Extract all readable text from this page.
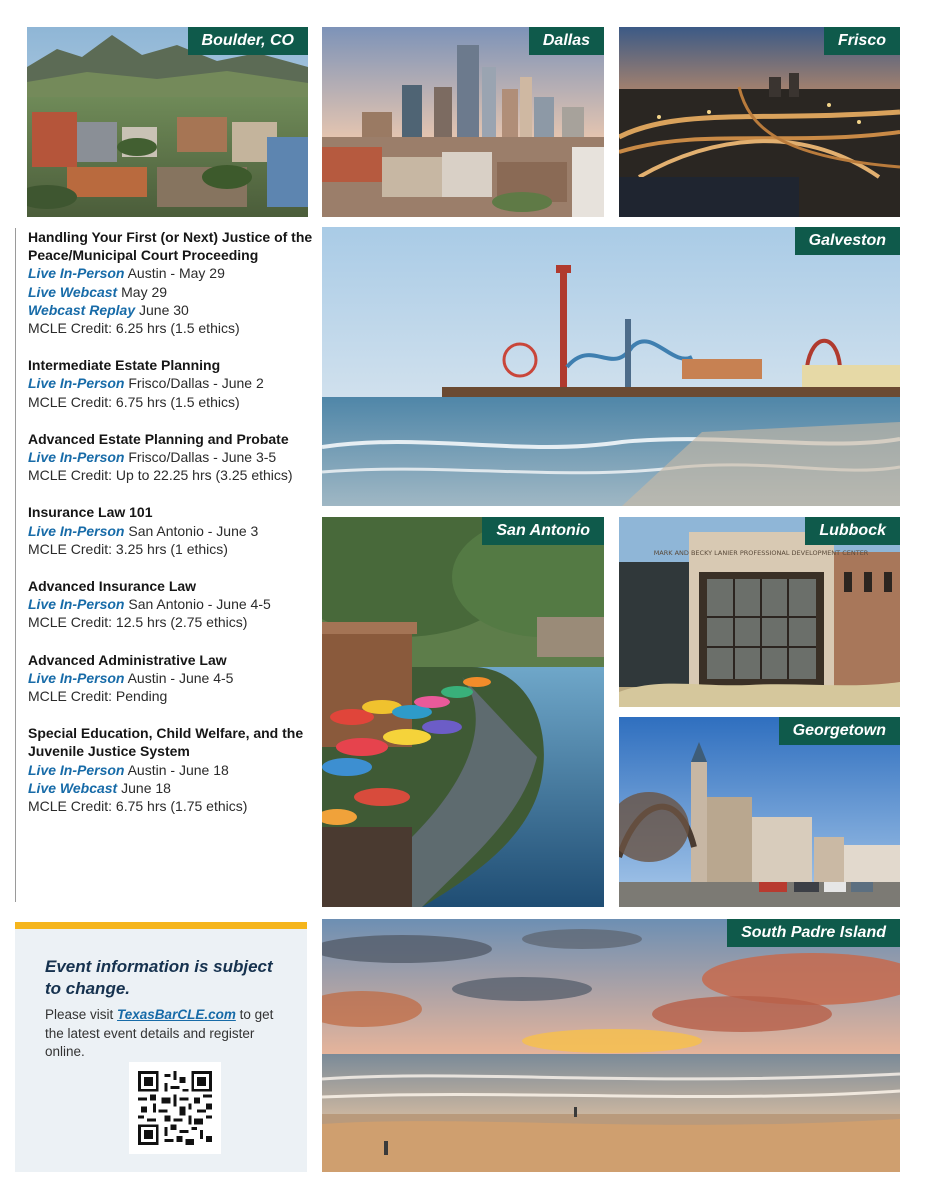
Boulder, CO	Dallas	Frisco
Galveston
San Antonio
MARK AND BECKY LANIER PROFESSIONAL DEVELOPMENT CENTER
Lubbock
Georgetown
South Padre Island
Handling Your First (or Next) Justice of the Peace/Municipal Court Proceeding
Live In-Person Austin - May 29
Live Webcast May 29
Webcast Replay June 30
MCLE Credit: 6.25 hrs (1.5 ethics)
Intermediate Estate Planning
Live In-Person Frisco/Dallas - June 2
MCLE Credit: 6.75 hrs (1.5 ethics)
Advanced Estate Planning and Probate
Live In-Person Frisco/Dallas - June 3-5
MCLE Credit: Up to 22.25 hrs (3.25 ethics)
Insurance Law 101
Live In-Person San Antonio - June 3
MCLE Credit: 3.25 hrs (1 ethics)
Advanced Insurance Law
Live In-Person San Antonio - June 4-5
MCLE Credit: 12.5 hrs (2.75 ethics)
Advanced Administrative Law
Live In-Person Austin - June 4-5
MCLE Credit: Pending
Special Education, Child Welfare, and the Juvenile Justice System
Live In-Person Austin - June 18
Live Webcast June 18
MCLE Credit: 6.75 hrs (1.75 ethics)
Event information is subject to change.
Please visit TexasBarCLE.com to get the latest event details and register online.
